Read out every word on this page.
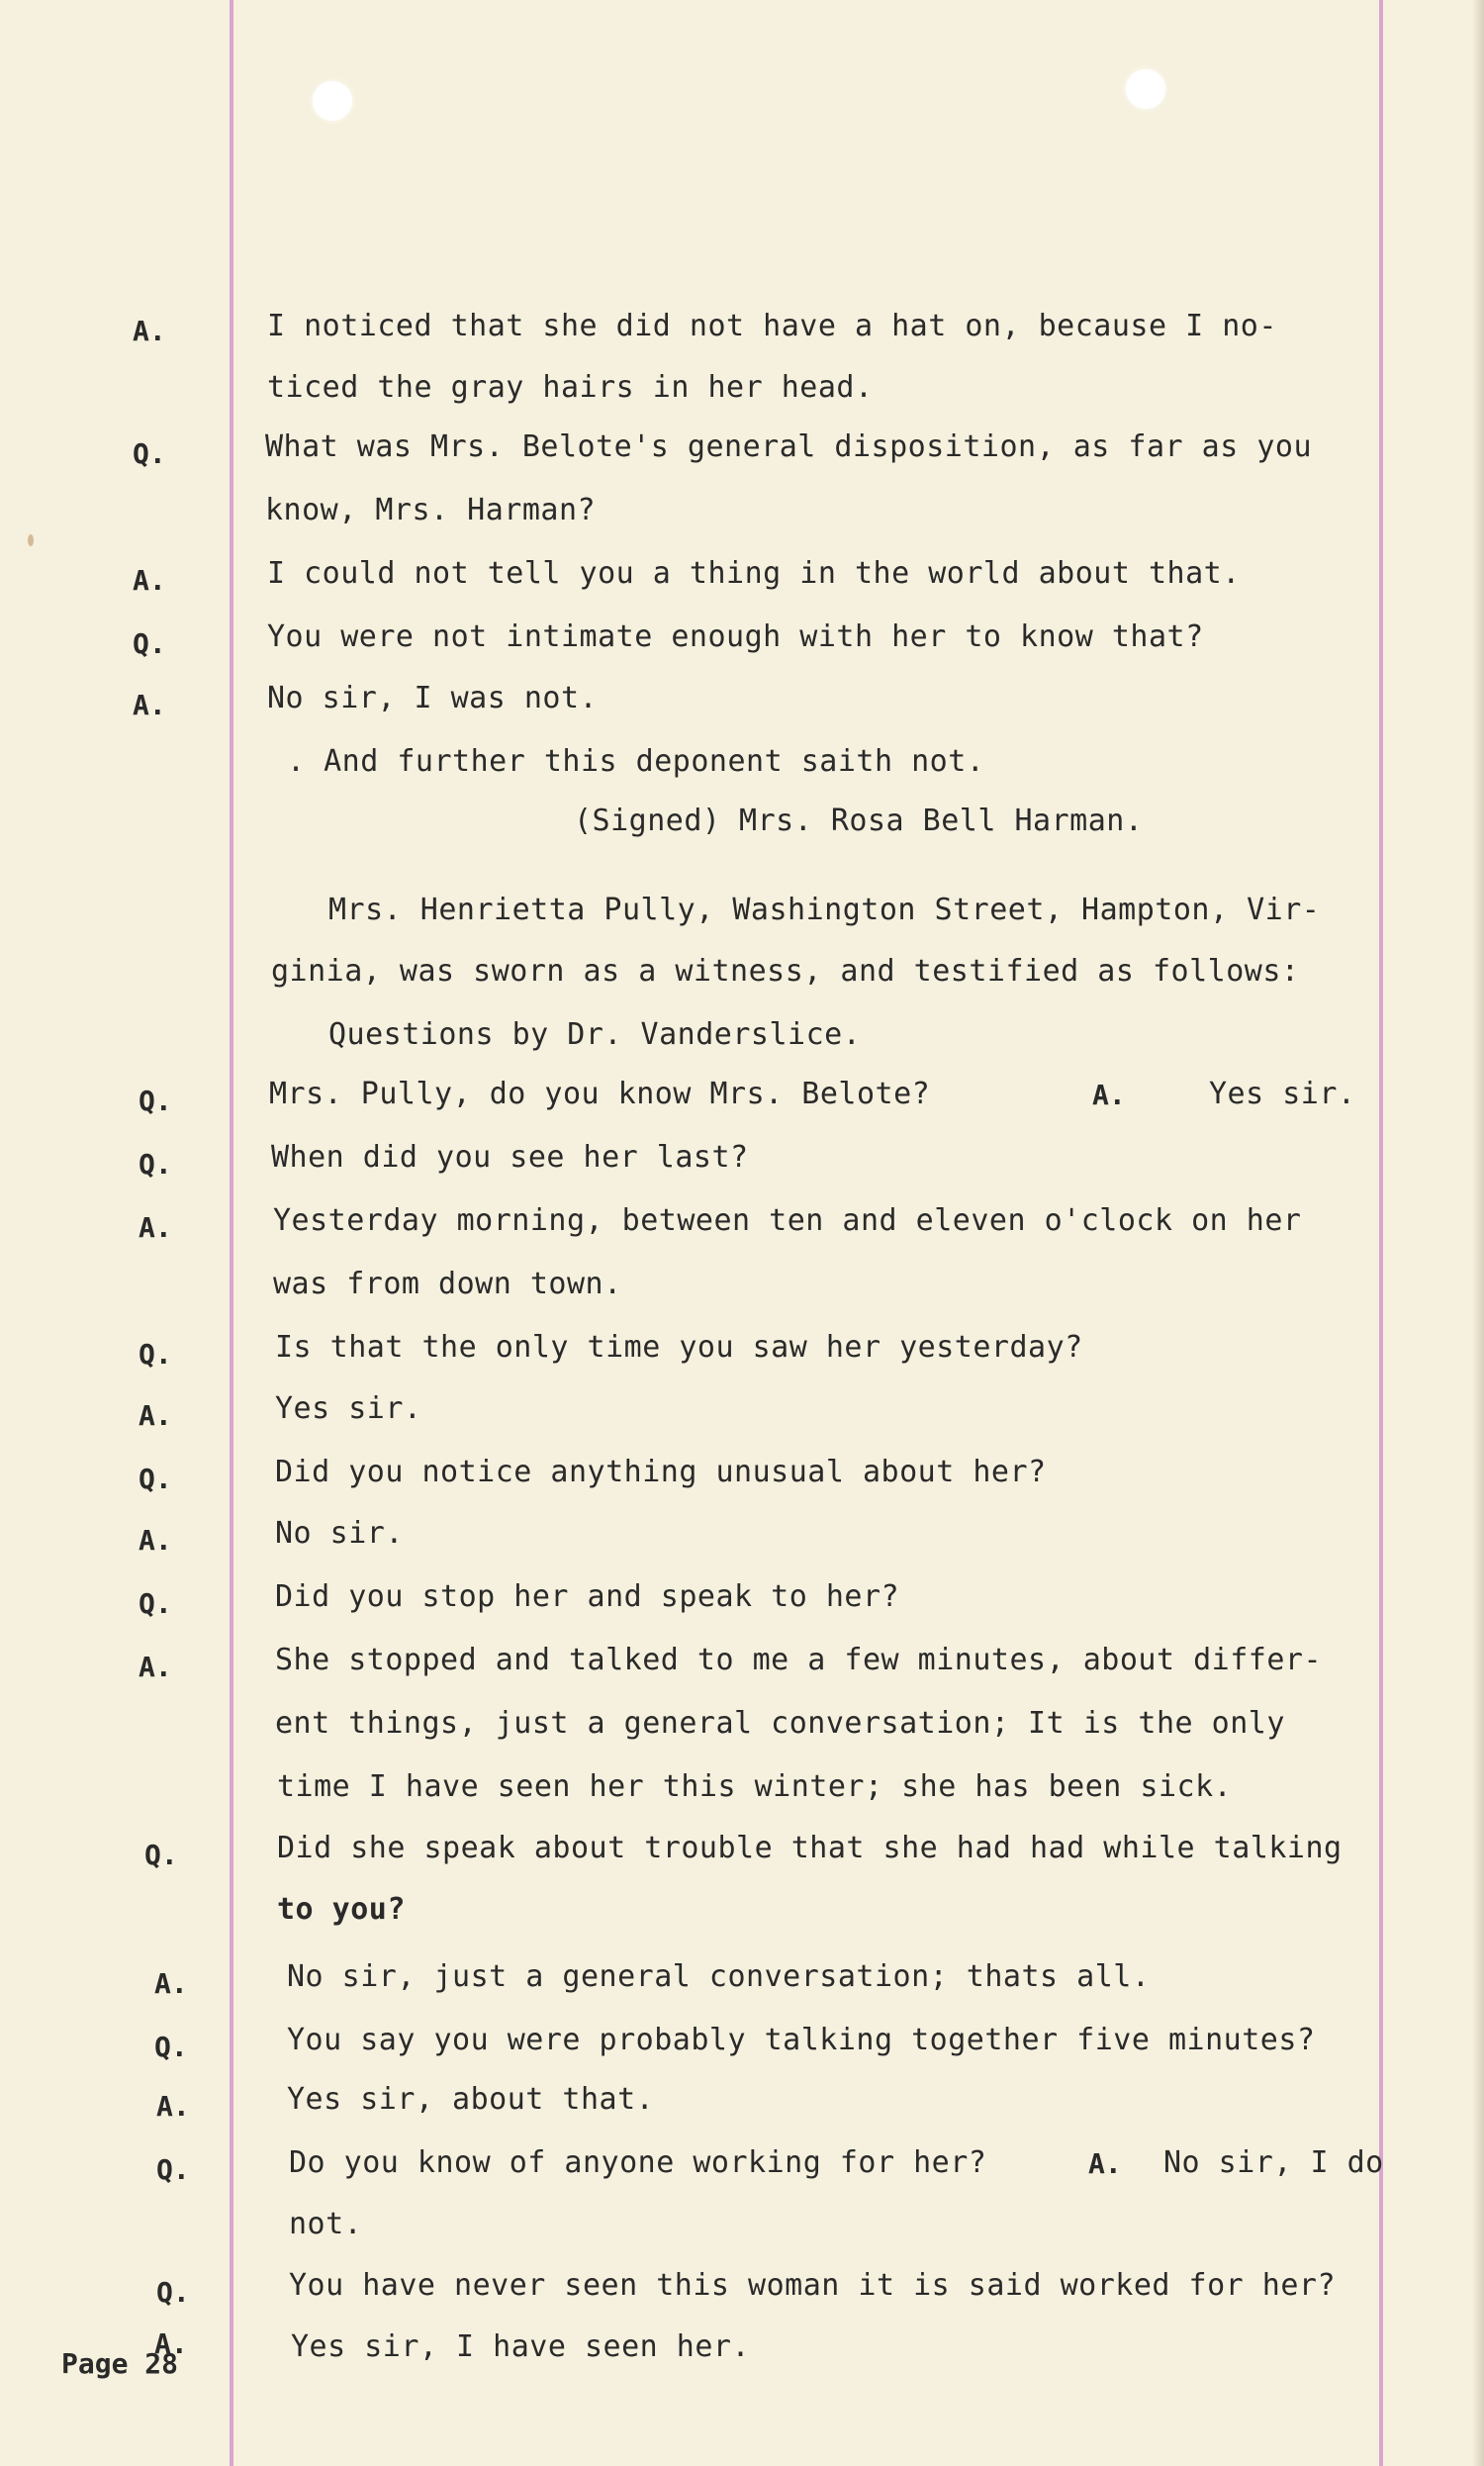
A.	I noticed that she did not have a hat on, because I no-
ticed the gray hairs in her head.
Q.	What was Mrs. Belote's general disposition, as far as you
know, Mrs. Harman?
A.	I could not tell you a thing in the world about that.
Q.	You were not intimate enough with her to know that?
A.	No sir, I was not.
. And further this deponent saith not.
(Signed) Mrs. Rosa Bell Harman.
Mrs. Henrietta Pully, Washington Street, Hampton, Vir-
ginia, was sworn as a witness, and testified as follows:
Questions by Dr. Vanderslice.
Q.	Mrs. Pully, do you know Mrs. Belote?	A.	Yes sir.
Q.	When did you see her last?
A.	Yesterday morning, between ten and eleven o'clock on her
was from down town.
Q.	Is that the only time you saw her yesterday?
A.	Yes sir.
Q.	Did you notice anything unusual about her?
A.	No sir.
Q.	Did you stop her and speak to her?
A.	She stopped and talked to me a few minutes, about differ-
ent things, just a general conversation; It is the only
time I have seen her this winter; she has been sick.
Q.	Did she speak about trouble that she had had while talking
to you?
A.	No sir, just a general conversation; thats all.
Q.	You say you were probably talking together five minutes?
A.	Yes sir, about that.
Q.	Do you know of anyone working for her?	A. No sir, I do
not.
Q.	You have never seen this woman it is said worked for her?
A.	Yes sir, I have seen her.
Page 28
